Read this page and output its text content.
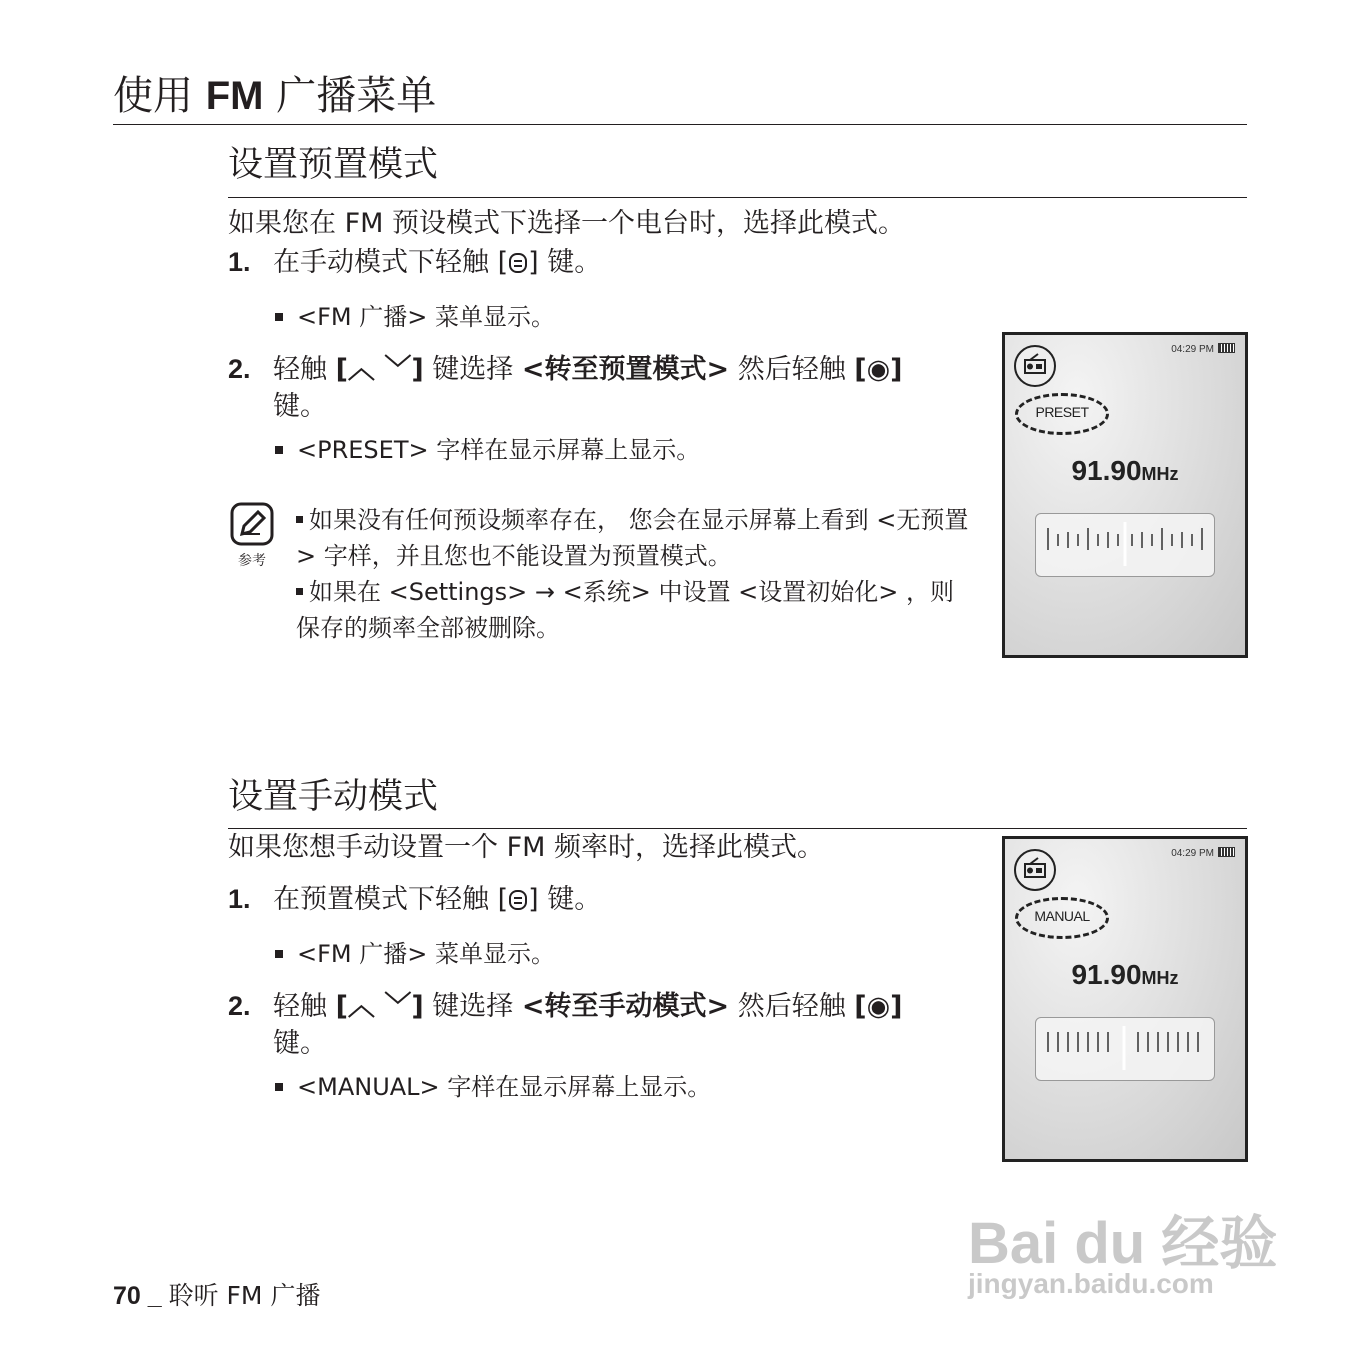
使用 FM 广播菜单
设置预置模式
如果您在 FM 预设模式下选择一个电台时，选择此模式。
1. 在手动模式下轻触 [ ] 键。
<FM 广播> 菜单显示。
2. 轻触 [︿ ﹀] 键选择 <转至预置模式> 然后轻触 [◉]
键。
<PRESET> 字样在显示屏幕上显示。
参考
如果没有任何预设频率存在， 您会在显示屏幕上看到 <无预置> 字样，并且您也不能设置为预置模式。
如果在 <Settings> → <系统> 中设置 <设置初始化> ，则保存的频率全部被删除。
04:29 PM
PRESET
91.90MHz
设置手动模式
如果您想手动设置一个 FM 频率时，选择此模式。
1. 在预置模式下轻触 [ ] 键。
<FM 广播> 菜单显示。
2. 轻触 [︿ ﹀] 键选择 <转至手动模式> 然后轻触 [◉]
键。
<MANUAL> 字样在显示屏幕上显示。
04:29 PM
MANUAL
91.90MHz
70 _ 聆听 FM 广播
Bai du 经验
jingyan.baidu.com
